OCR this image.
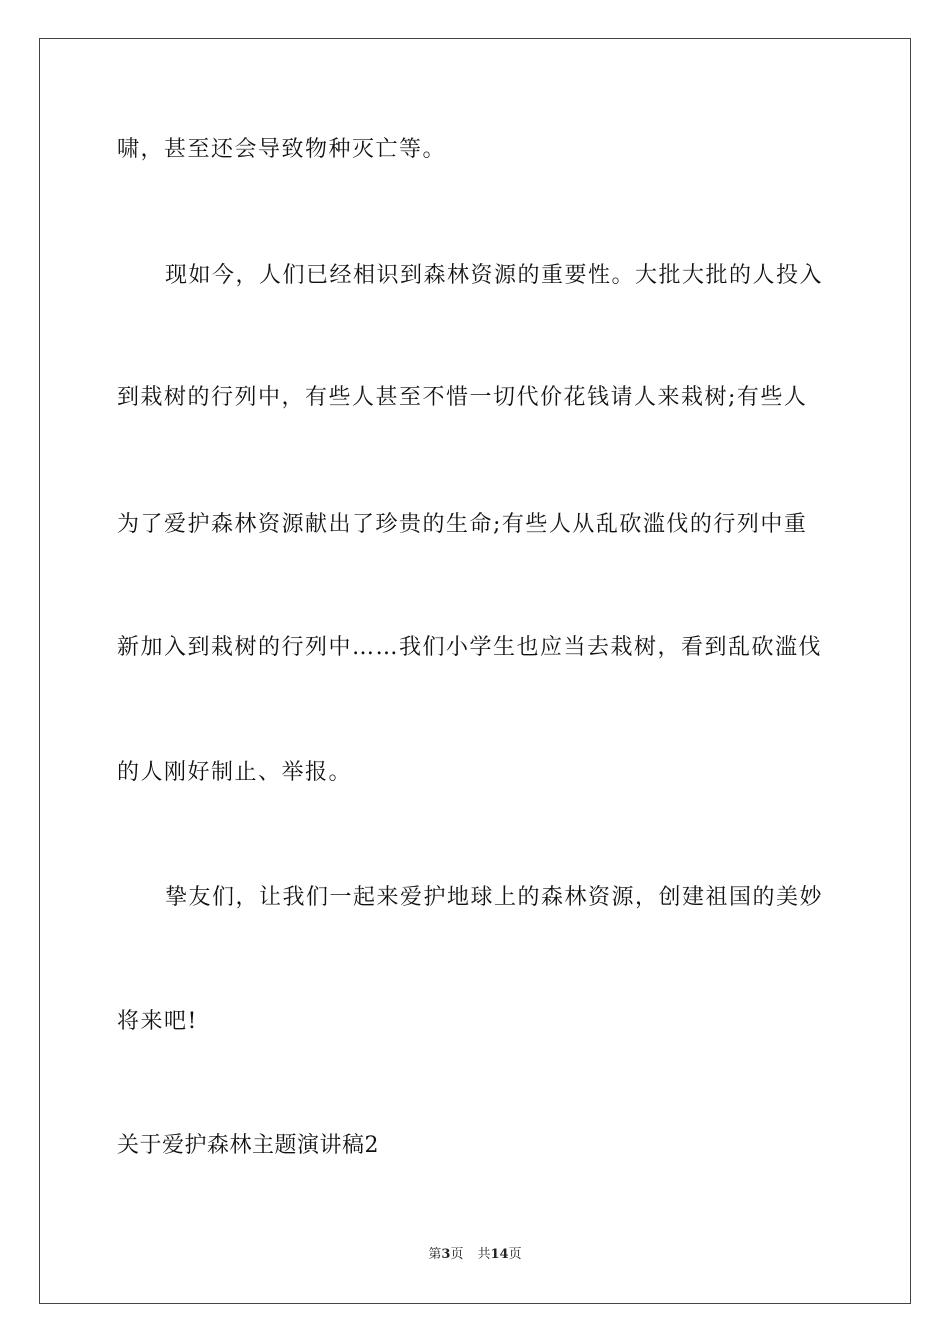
啸，甚至还会导致物种灭亡等。
现如今，人们已经相识到森林资源的重要性。大批大批的人投入
到栽树的行列中，有些人甚至不惜一切代价花钱请人来栽树;有些人
为了爱护森林资源献出了珍贵的生命;有些人从乱砍滥伐的行列中重
新加入到栽树的行列中……我们小学生也应当去栽树，看到乱砍滥伐
的人刚好制止、举报。
挚友们，让我们一起来爱护地球上的森林资源，创建祖国的美妙
将来吧!
关于爱护森林主题演讲稿2
第3页 共14页
